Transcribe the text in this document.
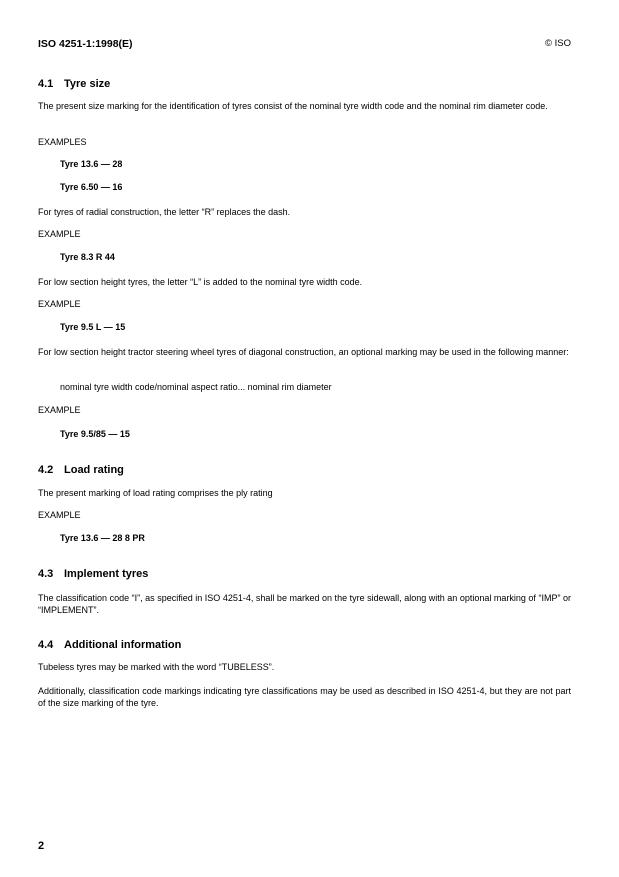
ISO 4251-1:1998(E)	© ISO
4.1 Tyre size
The present size marking for the identification of tyres consist of the nominal tyre width code and the nominal rim diameter code.
EXAMPLES
Tyre 13.6 — 28
Tyre 6.50 — 16
For tyres of radial construction, the letter “R” replaces the dash.
EXAMPLE
Tyre 8.3 R 44
For low section height tyres, the letter “L” is added to the nominal tyre width code.
EXAMPLE
Tyre 9.5 L — 15
For low section height tractor steering wheel tyres of diagonal construction, an optional marking may be used in the following manner:
nominal tyre width code/nominal aspect ratio... nominal rim diameter
EXAMPLE
Tyre 9.5/85 — 15
4.2 Load rating
The present marking of load rating comprises the ply rating
EXAMPLE
Tyre 13.6 — 28 8 PR
4.3 Implement tyres
The classification code “I”, as specified in ISO 4251-4, shall be marked on the tyre sidewall, along with an optional marking of “IMP” or “IMPLEMENT”.
4.4 Additional information
Tubeless tyres may be marked with the word “TUBELESS”.
Additionally, classification code markings indicating tyre classifications may be used as described in ISO 4251-4, but they are not part of the size marking of the tyre.
2
